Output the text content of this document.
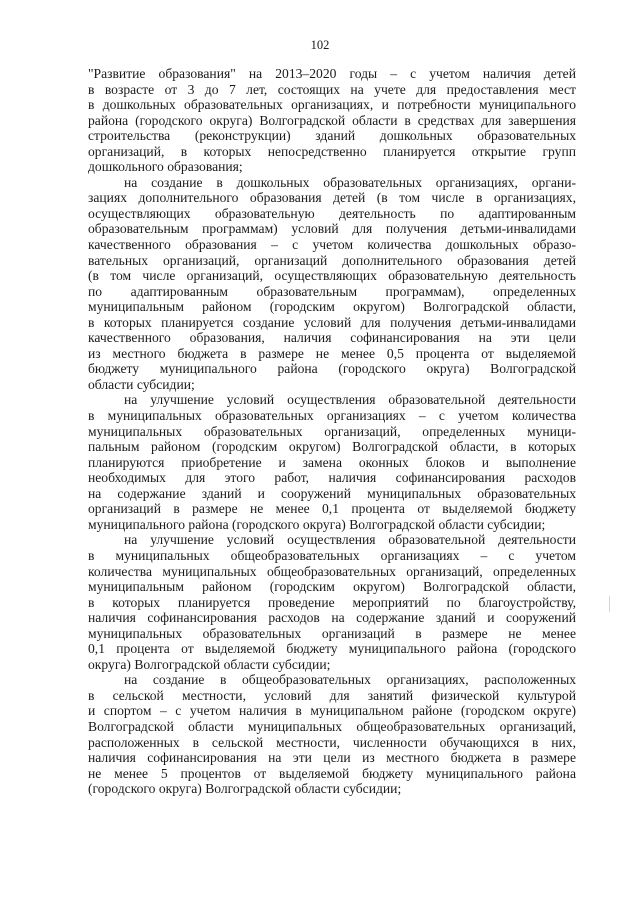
102
"Развитие образования" на 2013–2020 годы – с учетом наличия детей
в возрасте от 3 до 7 лет, состоящих на учете для предоставления мест
в дошкольных образовательных организациях, и потребности муниципального
района (городского округа) Волгоградской области в средствах для завершения
строительства (реконструкции) зданий дошкольных образовательных
организаций, в которых непосредственно планируется открытие групп
дошкольного образования;
на создание в дошкольных образовательных организациях, органи-
зациях дополнительного образования детей (в том числе в организациях,
осуществляющих образовательную деятельность по адаптированным
образовательным программам) условий для получения детьми-инвалидами
качественного образования – с учетом количества дошкольных образо-
вательных организаций, организаций дополнительного образования детей
(в том числе организаций, осуществляющих образовательную деятельность
по адаптированным образовательным программам), определенных
муниципальным районом (городским округом) Волгоградской области,
в которых планируется создание условий для получения детьми-инвалидами
качественного образования, наличия софинансирования на эти цели
из местного бюджета в размере не менее 0,5 процента от выделяемой
бюджету муниципального района (городского округа) Волгоградской
области субсидии;
на улучшение условий осуществления образовательной деятельности
в муниципальных образовательных организациях – с учетом количества
муниципальных образовательных организаций, определенных муници-
пальным районом (городским округом) Волгоградской области, в которых
планируются приобретение и замена оконных блоков и выполнение
необходимых для этого работ, наличия софинансирования расходов
на содержание зданий и сооружений муниципальных образовательных
организаций в размере не менее 0,1 процента от выделяемой бюджету
муниципального района (городского округа) Волгоградской области субсидии;
на улучшение условий осуществления образовательной деятельности
в муниципальных общеобразовательных организациях – с учетом
количества муниципальных общеобразовательных организаций, определенных
муниципальным районом (городским округом) Волгоградской области,
в которых планируется проведение мероприятий по благоустройству,
наличия софинансирования расходов на содержание зданий и сооружений
муниципальных образовательных организаций в размере не менее
0,1 процента от выделяемой бюджету муниципального района (городского
округа) Волгоградской области субсидии;
на создание в общеобразовательных организациях, расположенных
в сельской местности, условий для занятий физической культурой
и спортом – с учетом наличия в муниципальном районе (городском округе)
Волгоградской области муниципальных общеобразовательных организаций,
расположенных в сельской местности, численности обучающихся в них,
наличия софинансирования на эти цели из местного бюджета в размере
не менее 5 процентов от выделяемой бюджету муниципального района
(городского округа) Волгоградской области субсидии;
